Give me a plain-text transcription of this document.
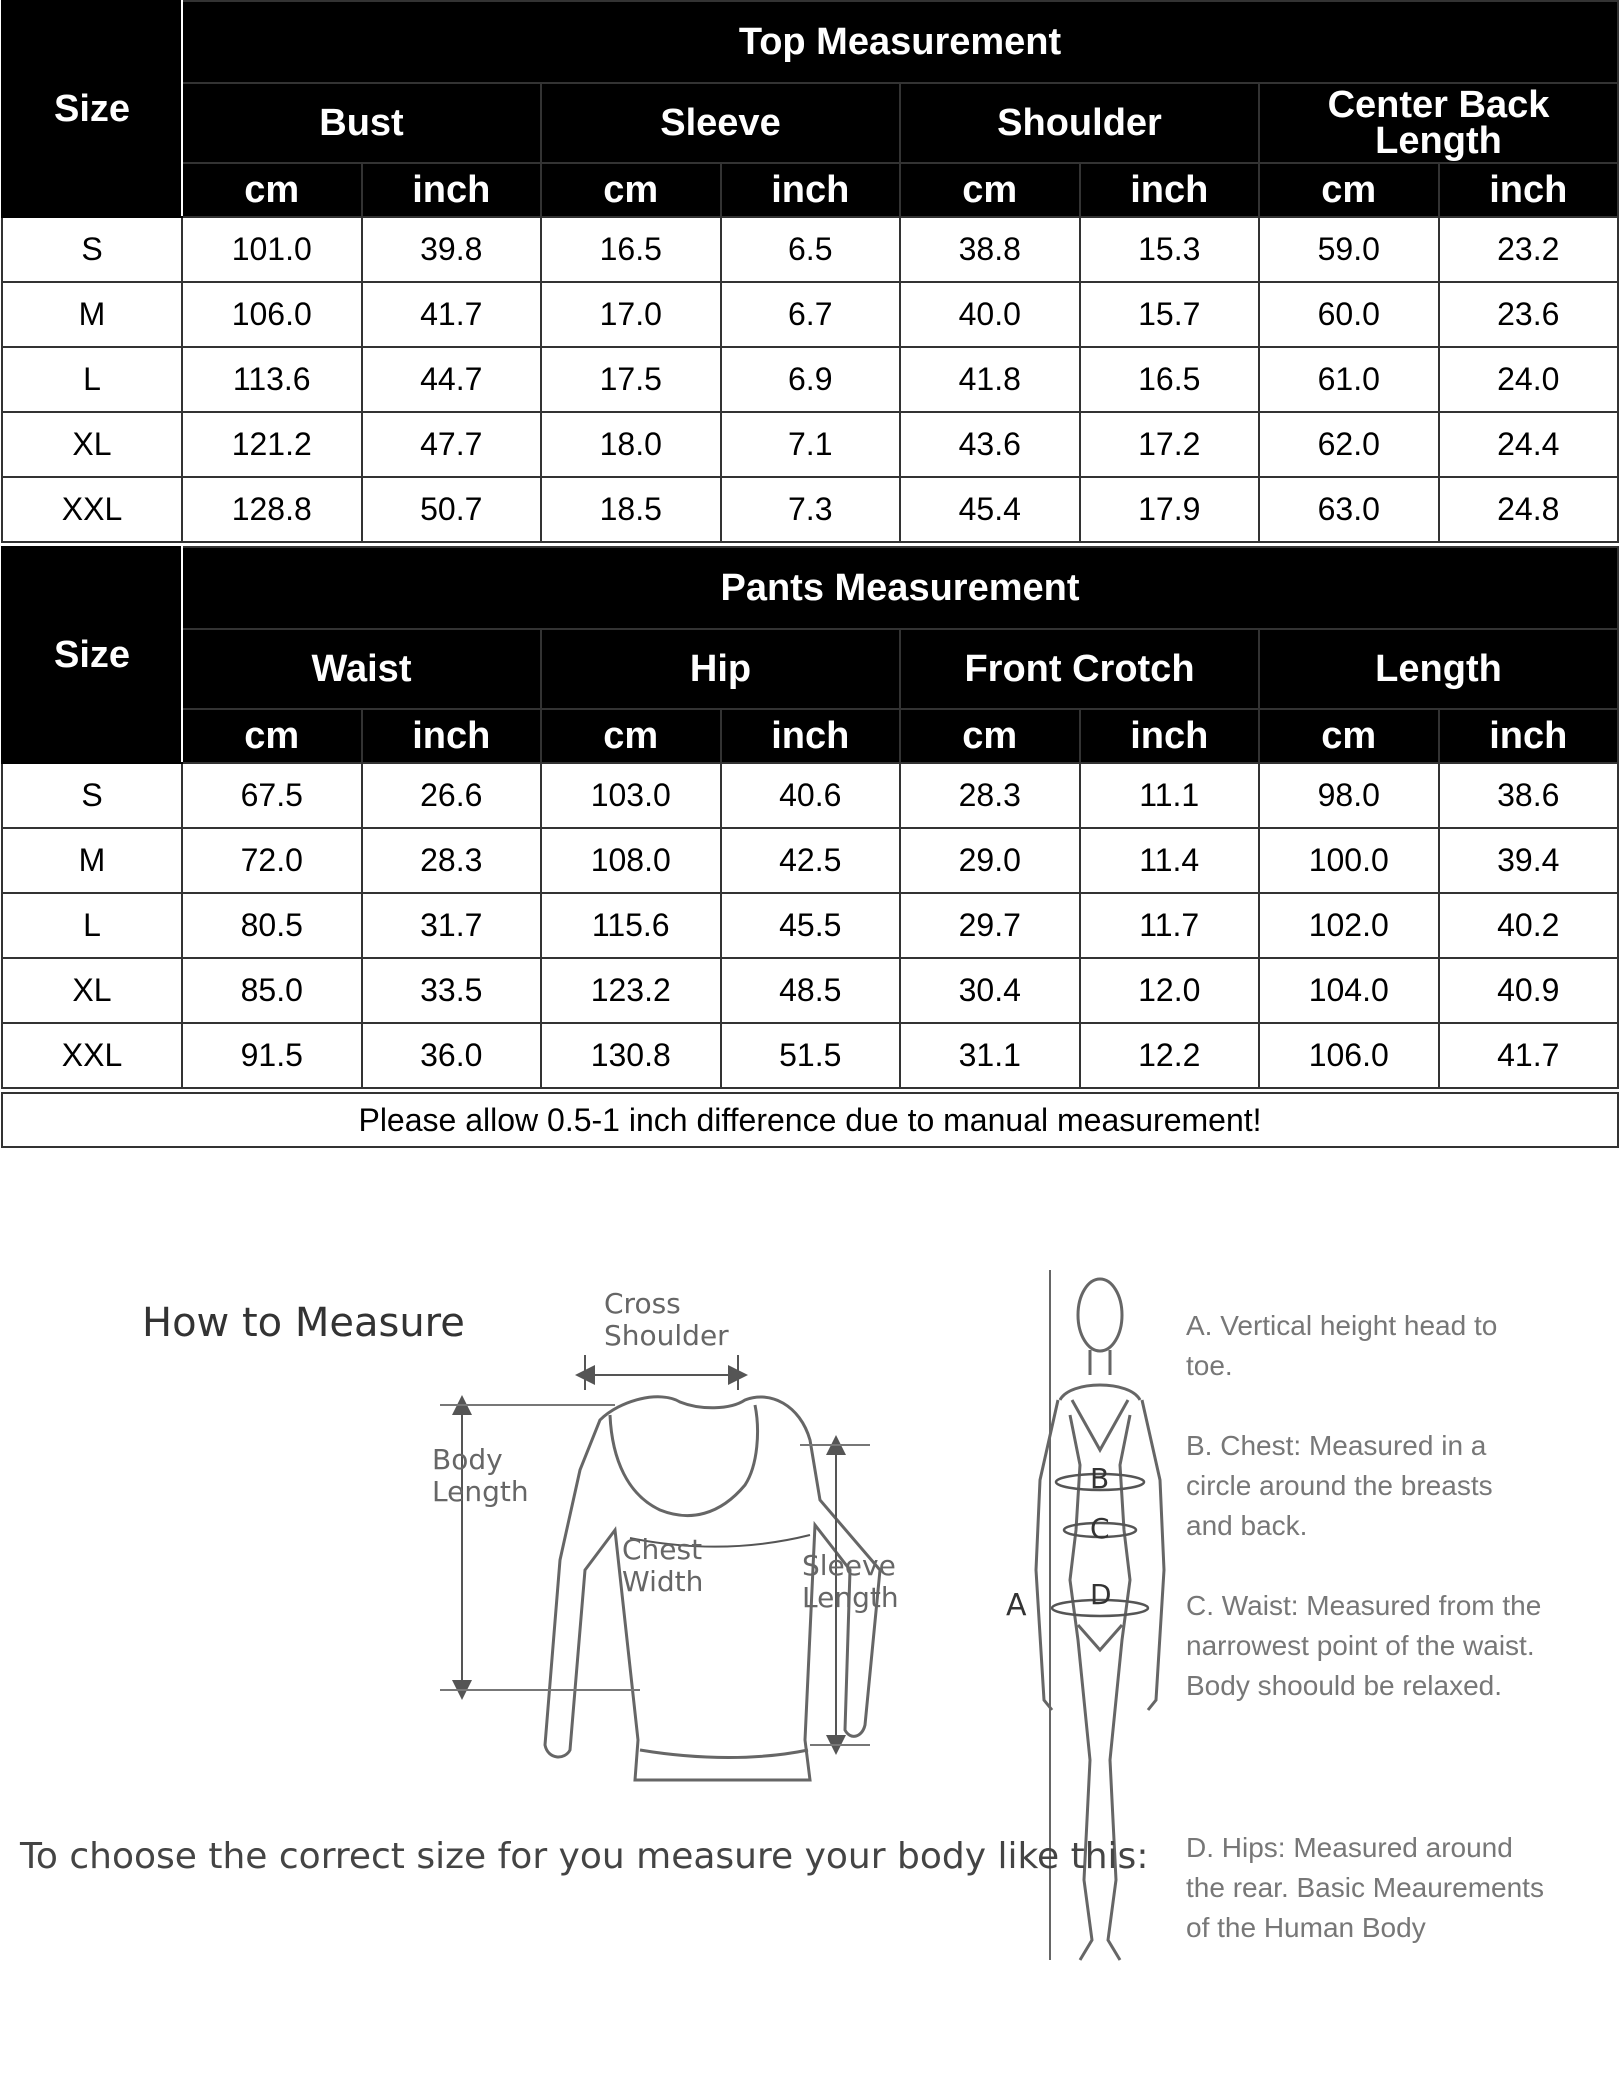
Size	Top Measurement							
	Bust		Sleeve		Shoulder		Center Back Length	
	cm	inch	cm	inch	cm	inch	cm	inch
S	101.0	39.8	16.5	6.5	38.8	15.3	59.0	23.2
M	106.0	41.7	17.0	6.7	40.0	15.7	60.0	23.6
L	113.6	44.7	17.5	6.9	41.8	16.5	61.0	24.0
XL	121.2	47.7	18.0	7.1	43.6	17.2	62.0	24.4
XXL	128.8	50.7	18.5	7.3	45.4	17.9	63.0	24.8
Size	Pants Measurement							
	Waist		Hip		Front Crotch		Length	
	cm	inch	cm	inch	cm	inch	cm	inch
S	67.5	26.6	103.0	40.6	28.3	11.1	98.0	38.6
M	72.0	28.3	108.0	42.5	29.0	11.4	100.0	39.4
L	80.5	31.7	115.6	45.5	29.7	11.7	102.0	40.2
XL	85.0	33.5	123.2	48.5	30.4	12.0	104.0	40.9
XXL	91.5	36.0	130.8	51.5	31.1	12.2	106.0	41.7
Please allow 0.5-1 inch difference due to manual measurement!
How to Measure	Cross
Shoulder
Body
Length
Chest
Width	Sleeve
Length
To choose the correct size for you measure your body like this:
A
B
C
D
A. Vertical height head to toe.
B. Chest: Measured in a circle around the breasts and back.
C. Waist: Measured from the narrowest point of the waist. Body shoould be relaxed.
D. Hips: Measured around the rear. Basic Meaurements of the Human Body
